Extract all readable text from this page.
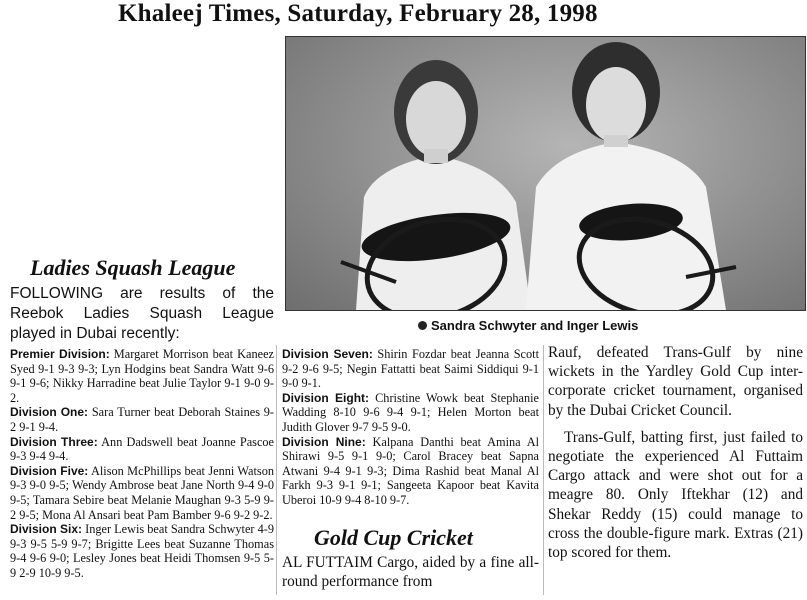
Khaleej Times, Saturday, February 28, 1998
Sandra Schwyter and Inger Lewis
Ladies Squash League
FOLLOWING are results of the Reebok Ladies Squash League played in Dubai recently:

Premier Division: Margaret Morrison beat Kaneez Syed 9-1 9-3 9-3; Lyn Hodgins beat Sandra Watt 9-6 9-1 9-6; Nikky Harradine beat Julie Taylor 9-1 9-0 9-2.

Division One: Sara Turner beat Deborah Staines 9-2 9-1 9-4.

Division Three: Ann Dadswell beat Joanne Pascoe 9-3 9-4 9-4.

Division Five: Alison McPhillips beat Jenni Watson 9-3 9-0 9-5; Wendy Ambrose beat Jane North 9-4 9-0 9-5; Tamara Sebire beat Melanie Maughan 9-3 5-9 9-2 9-5; Mona Al Ansari beat Pam Bamber 9-6 9-2 9-2.

Division Six: Inger Lewis beat Sandra Schwyter 4-9 9-3 9-5 5-9 9-7; Brigitte Lees beat Suzanne Thomas 9-4 9-6 9-0; Lesley Jones beat Heidi Thomsen 9-5 5-9 2-9 10-9 9-5.

Division Seven: Shirin Fozdar beat Jeanna Scott 9-2 9-6 9-5; Negin Fattatti beat Saimi Siddiqui 9-1 9-0 9-1.

Division Eight: Christine Wowk beat Stephanie Wadding 8-10 9-6 9-4 9-1; Helen Morton beat Judith Glover 9-7 9-5 9-0.

Division Nine: Kalpana Danthi beat Amina Al Shirawi 9-5 9-1 9-0; Carol Bracey beat Sapna Atwani 9-4 9-1 9-3; Dima Rashid beat Manal Al Farkh 9-3 9-1 9-1; Sangeeta Kapoor beat Kavita Uberoi 10-9 9-4 8-10 9-7.

Gold Cup Cricket

AL FUTTAIM Cargo, aided by a fine all-round performance from

Rauf, defeated Trans-Gulf by nine wickets in the Yardley Gold Cup inter-corporate cricket tournament, organised by the Dubai Cricket Council.

Trans-Gulf, batting first, just failed to negotiate the experienced Al Futtaim Cargo attack and were shot out for a meagre 80. Only Iftekhar (12) and Shekar Reddy (15) could manage to cross the double-figure mark. Extras (21) top scored for them.
